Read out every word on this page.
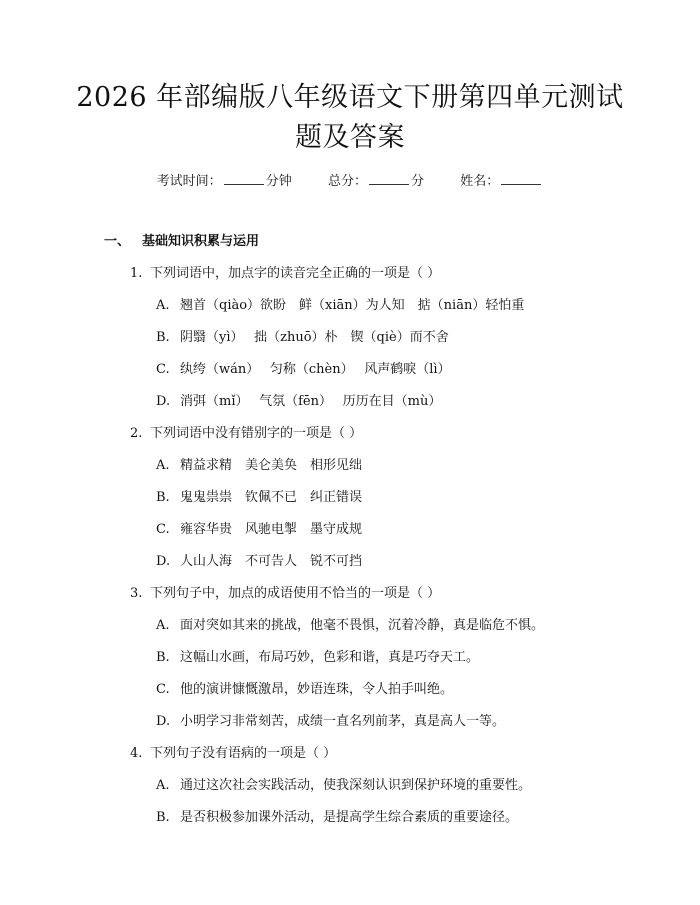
2026 年部编版八年级语文下册第四单元测试
题及答案
考试时间：	分钟	总分：	分	姓名：
一、 基础知识积累与运用
1. 下列词语中，加点字的读音完全正确的一项是（ ）
A. 翘首（qiào）欲盼　鲜（xiān）为人知　掂（niān）轻怕重
B. 阴翳（yì）　 拙（zhuō）朴　锲（qiè）而不舍
C. 纨绔（wán）　 匀称（chèn）　 风声鹤唳（lì）
D. 消弭（mǐ）　 气氛（fēn）　 历历在目（mù）
2. 下列词语中没有错别字的一项是（ ）
A. 精益求精　美仑美奂　相形见绌
B. 鬼鬼祟祟　钦佩不已　纠正错误
C. 雍容华贵　风驰电掣　墨守成规
D. 人山人海　不可告人　锐不可挡
3. 下列句子中，加点的成语使用不恰当的一项是（ ）
A. 面对突如其来的挑战，他毫不畏惧，沉着冷静，真是临危不惧。
B. 这幅山水画，布局巧妙，色彩和谐，真是巧夺天工。
C. 他的演讲慷慨激昂，妙语连珠，令人拍手叫绝。
D. 小明学习非常刻苦，成绩一直名列前茅，真是高人一等。
4. 下列句子没有语病的一项是（ ）
A. 通过这次社会实践活动，使我深刻认识到保护环境的重要性。
B. 是否积极参加课外活动，是提高学生综合素质的重要途径。
